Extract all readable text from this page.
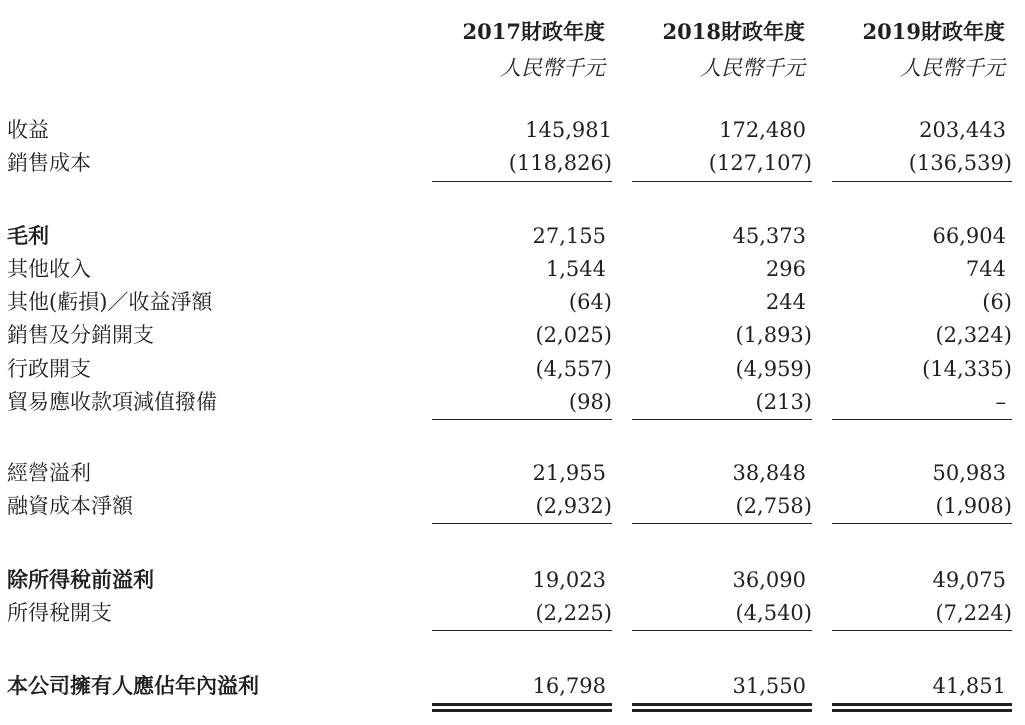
2017財政年度
人民幣千元
2018財政年度
人民幣千元
2019財政年度
人民幣千元
收益
銷售成本
毛利
其他收入
其他(虧損)／收益淨額
銷售及分銷開支
行政開支
貿易應收款項減值撥備
經營溢利
融資成本淨額
除所得稅前溢利
所得稅開支
本公司擁有人應佔年內溢利
145,981
(118,826)
27,155
1,544
(64)
(2,025)
(4,557)
(98)
21,955
(2,932)
19,023
(2,225)
16,798
172,480
(127,107)
45,373
296
244
(1,893)
(4,959)
(213)
38,848
(2,758)
36,090
(4,540)
31,550
203,443
(136,539)
66,904
744
(6)
(2,324)
(14,335)
–
50,983
(1,908)
49,075
(7,224)
41,851
